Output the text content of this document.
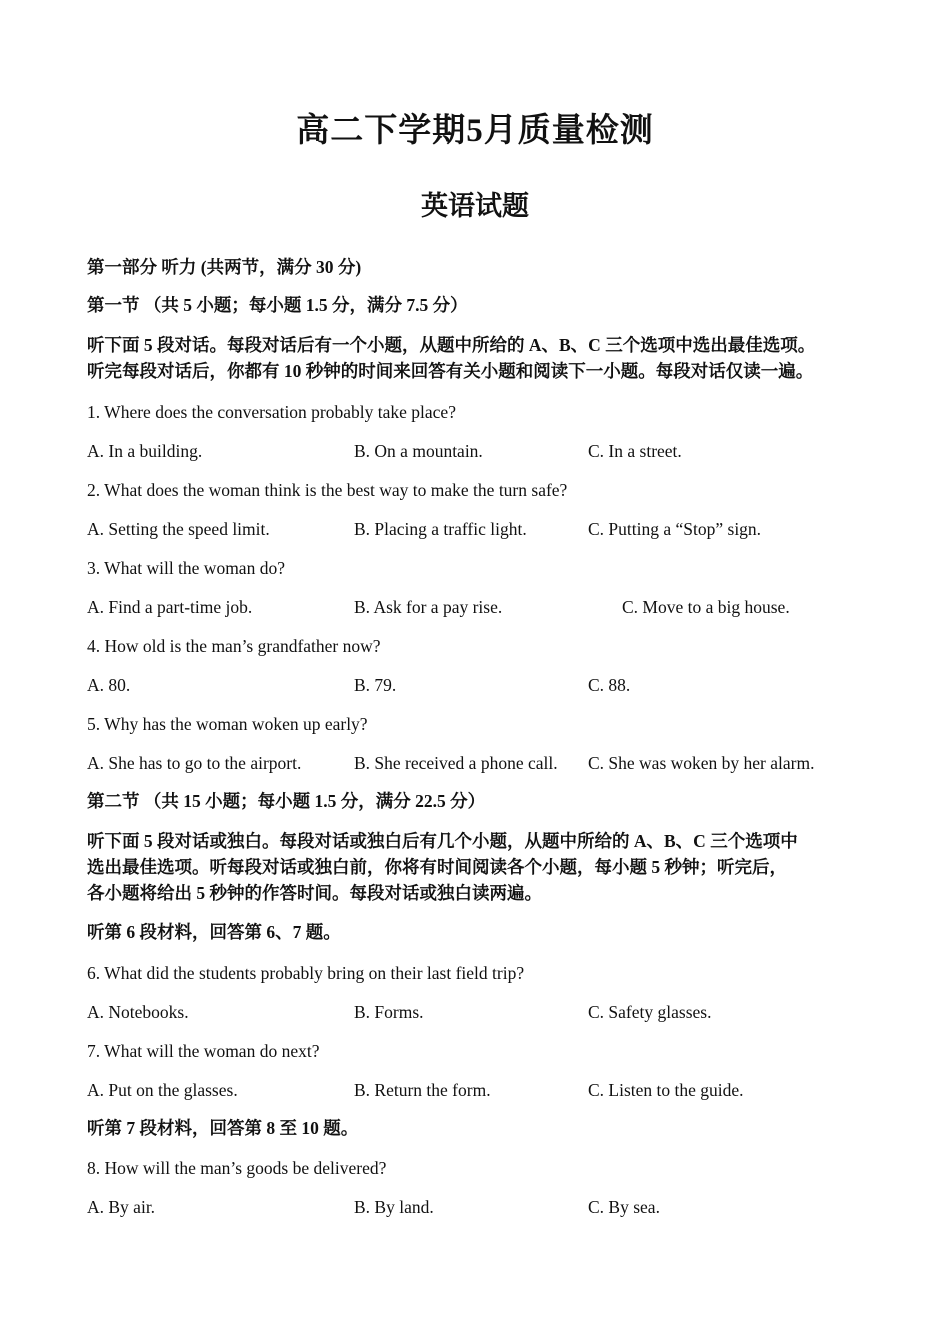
高二下学期5月质量检测
英语试题
第一部分 听力 (共两节，满分 30 分)
第一节 （共 5 小题；每小题 1.5 分，满分 7.5 分）
听下面 5 段对话。每段对话后有一个小题，从题中所给的 A、B、C 三个选项中选出最佳选项。
听完每段对话后，你都有 10 秒钟的时间来回答有关小题和阅读下一小题。每段对话仅读一遍。
1. Where does the conversation probably take place?
A. In a building.	B. On a mountain.	C. In a street.
2. What does the woman think is the best way to make the turn safe?
A. Setting the speed limit.	B. Placing a traffic light.	C. Putting a “Stop” sign.
3. What will the woman do?
A. Find a part-time job.	B. Ask for a pay rise.	C. Move to a big house.
4. How old is the man’s grandfather now?
A. 80.	B. 79.	C. 88.
5. Why has the woman woken up early?
A. She has to go to the airport.	B. She received a phone call. C. She was woken by her alarm.
第二节 （共 15 小题；每小题 1.5 分，满分 22.5 分）
听下面 5 段对话或独白。每段对话或独白后有几个小题，从题中所给的 A、B、C 三个选项中
选出最佳选项。听每段对话或独白前，你将有时间阅读各个小题，每小题 5 秒钟；听完后，
各小题将给出 5 秒钟的作答时间。每段对话或独白读两遍。
听第 6 段材料，回答第 6、7 题。
6. What did the students probably bring on their last field trip?
A. Notebooks.	B. Forms.	C. Safety glasses.
7. What will the woman do next?
A. Put on the glasses.	B. Return the form.	C. Listen to the guide.
听第 7 段材料，回答第 8 至 10 题。
8. How will the man’s goods be delivered?
A. By air.	B. By land.	C. By sea.
